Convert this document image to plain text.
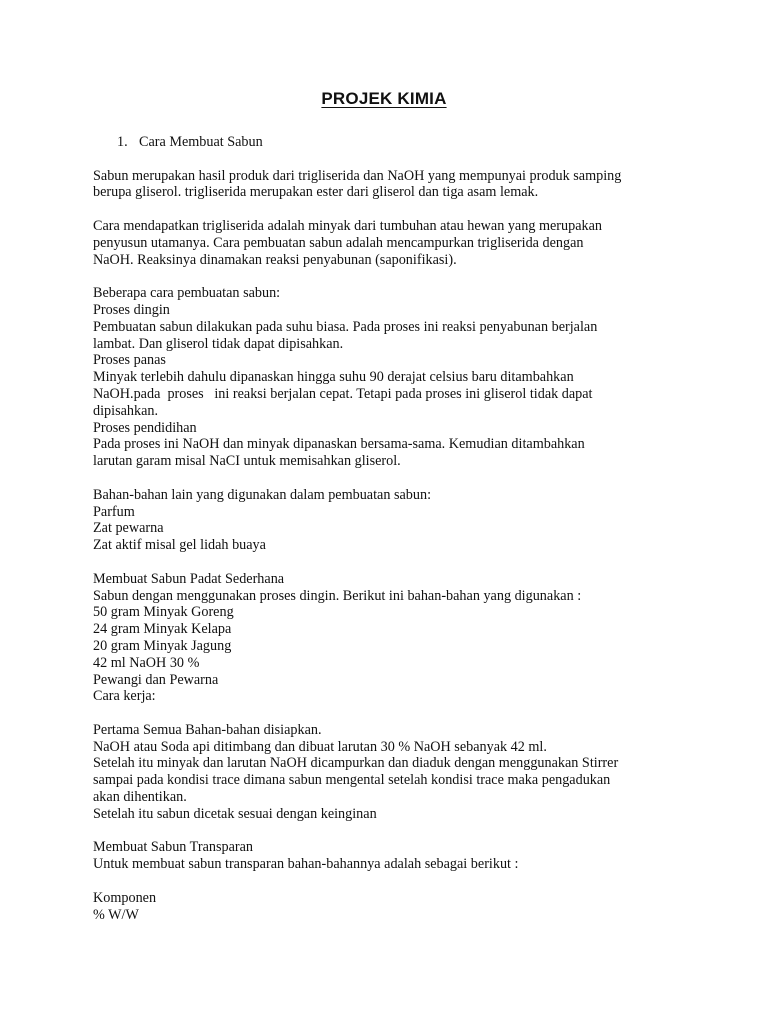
PROJEK KIMIA
1. Cara Membuat Sabun
Sabun merupakan hasil produk dari trigliserida dan NaOH yang mempunyai produk samping
berupa gliserol. trigliserida merupakan ester dari gliserol dan tiga asam lemak.
Cara mendapatkan trigliserida adalah minyak dari tumbuhan atau hewan yang merupakan
penyusun utamanya. Cara pembuatan sabun adalah mencampurkan trigliserida dengan
NaOH. Reaksinya dinamakan reaksi penyabunan (saponifikasi).
Beberapa cara pembuatan sabun:
Proses dingin
Pembuatan sabun dilakukan pada suhu biasa. Pada proses ini reaksi penyabunan berjalan
lambat. Dan gliserol tidak dapat dipisahkan.
Proses panas
Minyak terlebih dahulu dipanaskan hingga suhu 90 derajat celsius baru ditambahkan
NaOH.pada  proses   ini reaksi berjalan cepat. Tetapi pada proses ini gliserol tidak dapat
dipisahkan.
Proses pendidihan
Pada proses ini NaOH dan minyak dipanaskan bersama-sama. Kemudian ditambahkan
larutan garam misal NaCI untuk memisahkan gliserol.
Bahan-bahan lain yang digunakan dalam pembuatan sabun:
Parfum
Zat pewarna
Zat aktif misal gel lidah buaya
Membuat Sabun Padat Sederhana
Sabun dengan menggunakan proses dingin. Berikut ini bahan-bahan yang digunakan :
50 gram Minyak Goreng
24 gram Minyak Kelapa
20 gram Minyak Jagung
42 ml NaOH 30 %
Pewangi dan Pewarna
Cara kerja:
Pertama Semua Bahan-bahan disiapkan.
NaOH atau Soda api ditimbang dan dibuat larutan 30 % NaOH sebanyak 42 ml.
Setelah itu minyak dan larutan NaOH dicampurkan dan diaduk dengan menggunakan Stirrer
sampai pada kondisi trace dimana sabun mengental setelah kondisi trace maka pengadukan
akan dihentikan.
Setelah itu sabun dicetak sesuai dengan keinginan
Membuat Sabun Transparan
Untuk membuat sabun transparan bahan-bahannya adalah sebagai berikut :
Komponen
% W/W
